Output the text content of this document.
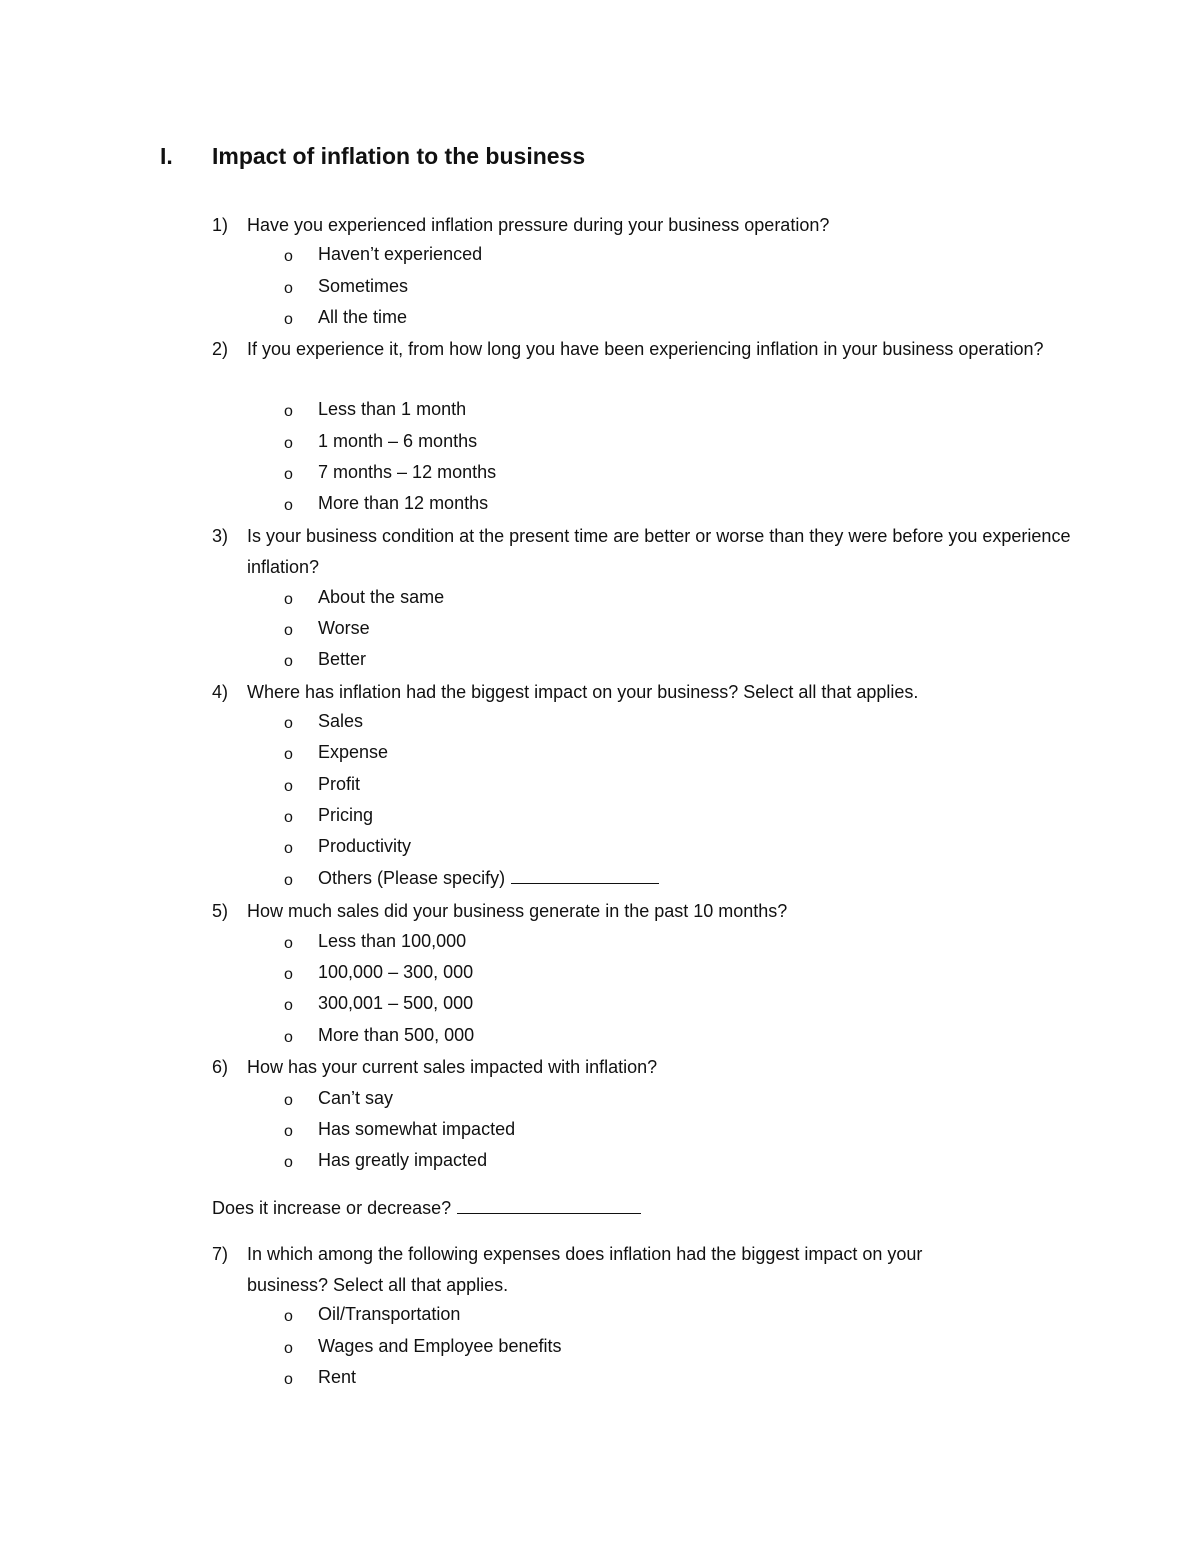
I. Impact of inflation to the business
1) Have you experienced inflation pressure during your business operation?
o Haven’t experienced
o Sometimes
o All the time
2) If you experience it, from how long you have been experiencing inflation in your business operation?
o Less than 1 month
o 1 month – 6 months
o 7 months – 12 months
o More than 12 months
3) Is your business condition at the present time are better or worse than they were before you experience inflation?
o About the same
o Worse
o Better
4) Where has inflation had the biggest impact on your business? Select all that applies.
o Sales
o Expense
o Profit
o Pricing
o Productivity
o Others (Please specify)
5) How much sales did your business generate in the past 10 months?
o Less than 100,000
o 100,000 – 300, 000
o 300,001 – 500, 000
o More than 500, 000
6) How has your current sales impacted with inflation?
o Can’t say
o Has somewhat impacted
o Has greatly impacted
Does it increase or decrease?
7) In which among the following expenses does inflation had the biggest impact on your business? Select all that applies.
o Oil/Transportation
o Wages and Employee benefits
o Rent
